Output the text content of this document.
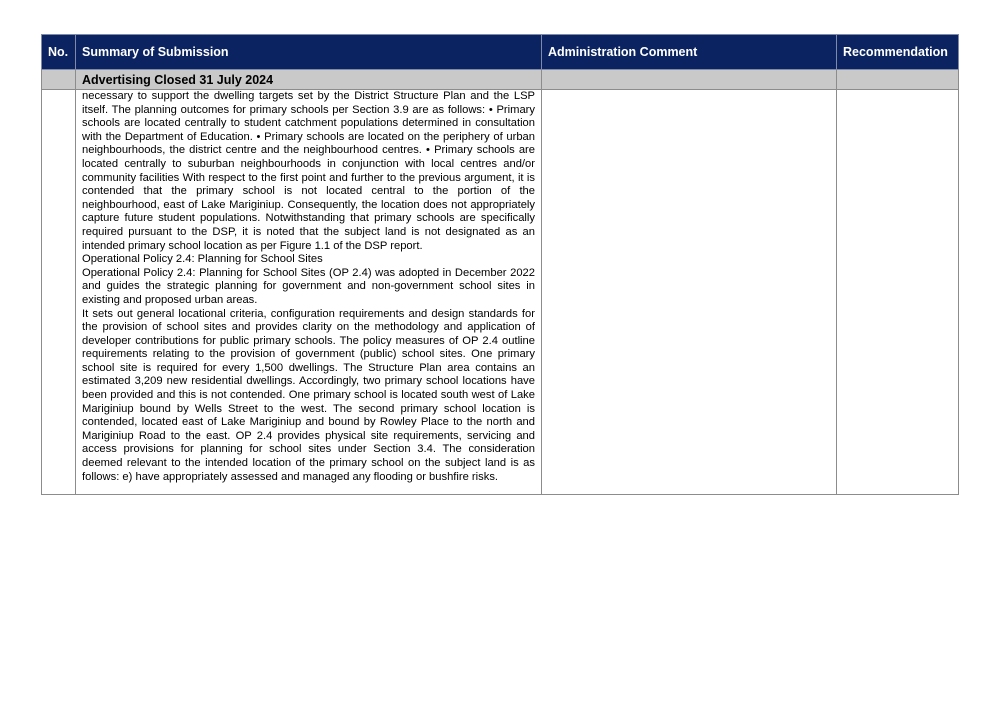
No.	Summary of Submission	Administration Comment	Recommendation
	Advertising Closed 31 July 2024		

	necessary to support the dwelling targets set by the District Structure Plan and the LSP itself. The planning outcomes for primary schools per Section 3.9 are as follows: • Primary schools are located centrally to student catchment populations determined in consultation with the Department of Education. • Primary schools are located on the periphery of urban neighbourhoods, the district centre and the neighbourhood centres. • Primary schools are located centrally to suburban neighbourhoods in conjunction with local centres and/or community facilities With respect to the first point and further to the previous argument, it is contended that the primary school is not located central to the portion of the neighbourhood, east of Lake Mariginiup. Consequently, the location does not appropriately capture future student populations. Notwithstanding that primary schools are specifically required pursuant to the DSP, it is noted that the subject land is not designated as an intended primary school location as per Figure 1.1 of the DSP report.

Operational Policy 2.4: Planning for School Sites

Operational Policy 2.4: Planning for School Sites (OP 2.4) was adopted in December 2022 and guides the strategic planning for government and non-government school sites in existing and proposed urban areas.

It sets out general locational criteria, configuration requirements and design standards for the provision of school sites and provides clarity on the methodology and application of developer contributions for public primary schools. The policy measures of OP 2.4 outline requirements relating to the provision of government (public) school sites. One primary school site is required for every 1,500 dwellings. The Structure Plan area contains an estimated 3,209 new residential dwellings. Accordingly, two primary school locations have been provided and this is not contended. One primary school is located south west of Lake Mariginiup bound by Wells Street to the west. The second primary school location is contended, located east of Lake Mariginiup and bound by Rowley Place to the north and Mariginiup Road to the east. OP 2.4 provides physical site requirements, servicing and access provisions for planning for school sites under Section 3.4. The consideration deemed relevant to the intended location of the primary school on the subject land is as follows: e) have appropriately assessed and managed any flooding or bushfire risks.		
